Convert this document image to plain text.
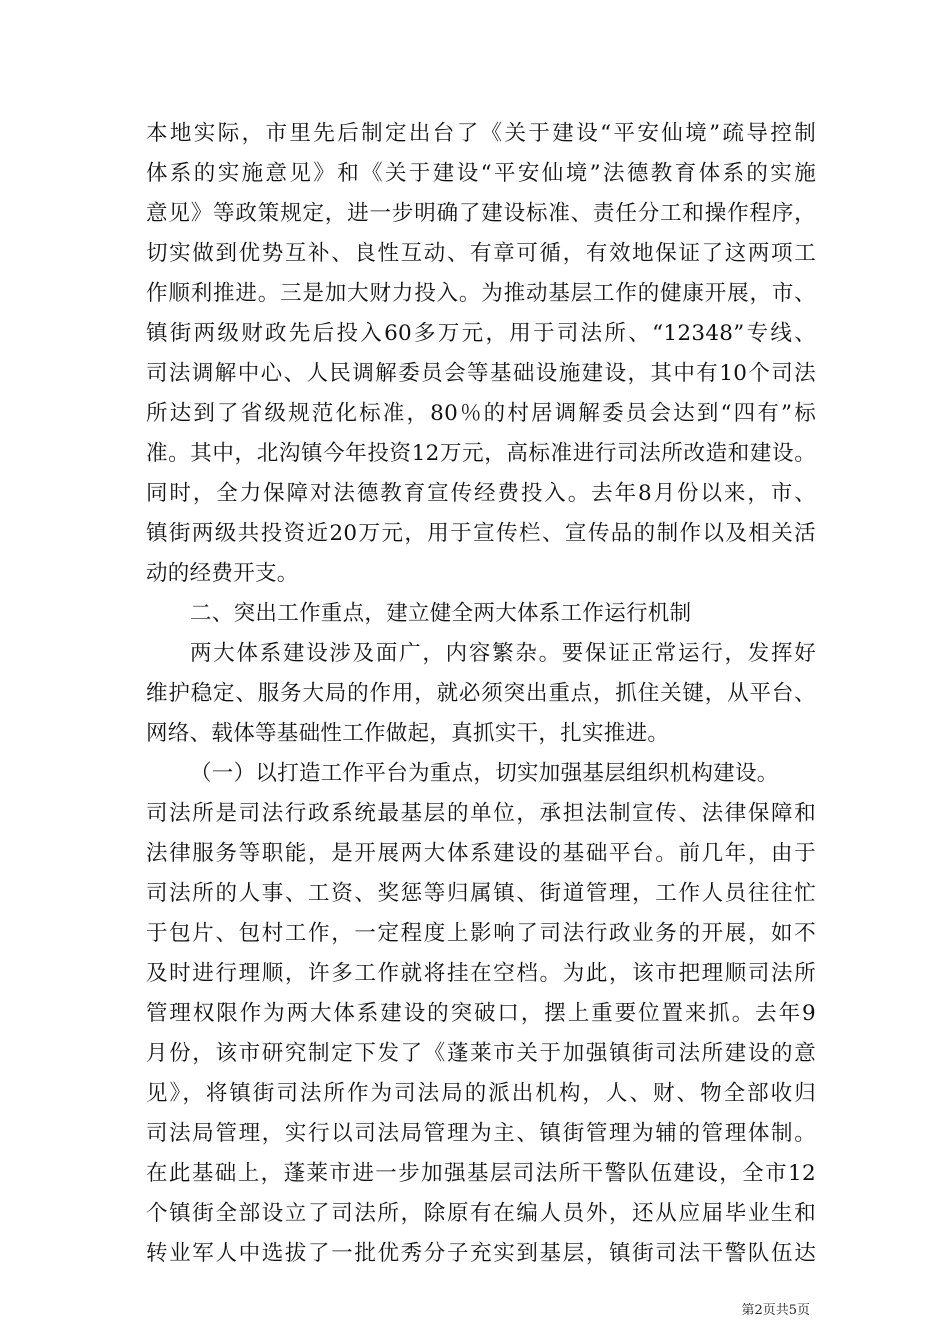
本地实际，市里先后制定出台了《关于建设“平安仙境”疏导控制
体系的实施意见》和《关于建设“平安仙境”法德教育体系的实施
意见》等政策规定，进一步明确了建设标准、责任分工和操作程序，
切实做到优势互补、良性互动、有章可循，有效地保证了这两项工
作顺利推进。三是加大财力投入。为推动基层工作的健康开展，市、
镇街两级财政先后投入60多万元，用于司法所、“12348”专线、
司法调解中心、人民调解委员会等基础设施建设，其中有10个司法
所达到了省级规范化标准，80％的村居调解委员会达到“四有”标
准。其中，北沟镇今年投资12万元，高标准进行司法所改造和建设。
同时，全力保障对法德教育宣传经费投入。去年8月份以来，市、
镇街两级共投资近20万元，用于宣传栏、宣传品的制作以及相关活
动的经费开支。
二、突出工作重点，建立健全两大体系工作运行机制
两大体系建设涉及面广，内容繁杂。要保证正常运行，发挥好
维护稳定、服务大局的作用，就必须突出重点，抓住关键，从平台、
网络、载体等基础性工作做起，真抓实干，扎实推进。
（一）以打造工作平台为重点，切实加强基层组织机构建设。
司法所是司法行政系统最基层的单位，承担法制宣传、法律保障和
法律服务等职能，是开展两大体系建设的基础平台。前几年，由于
司法所的人事、工资、奖惩等归属镇、街道管理，工作人员往往忙
于包片、包村工作，一定程度上影响了司法行政业务的开展，如不
及时进行理顺，许多工作就将挂在空档。为此，该市把理顺司法所
管理权限作为两大体系建设的突破口，摆上重要位置来抓。去年9
月份，该市研究制定下发了《蓬莱市关于加强镇街司法所建设的意
见》，将镇街司法所作为司法局的派出机构，人、财、物全部收归
司法局管理，实行以司法局管理为主、镇街管理为辅的管理体制。
在此基础上，蓬莱市进一步加强基层司法所干警队伍建设，全市12
个镇街全部设立了司法所，除原有在编人员外，还从应届毕业生和
转业军人中选拔了一批优秀分子充实到基层，镇街司法干警队伍达
第2页共5页
